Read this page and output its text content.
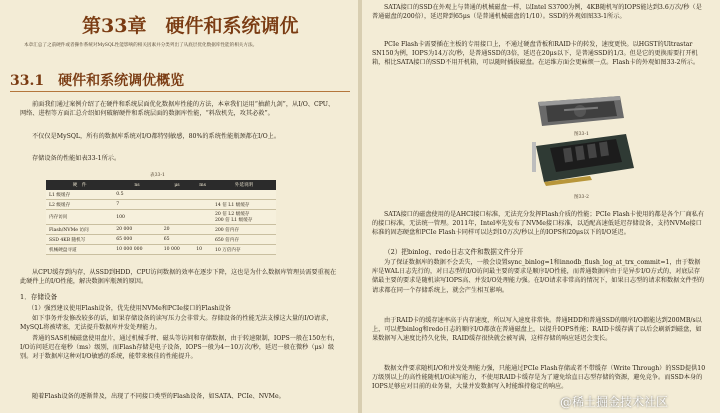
第33章　硬件和系统调优
本章汇总了之前硬件或者操作系统对MySQL性能影响的相关因素并分类列出了从底层优化数据库性能的相关方法。
33.1　硬件和系统调优概览
前面我们通过案例介绍了在硬件和系统层面优化数据库性能的方法，本章我们运用“抽薪九剑”，从I/O、CPU、网络、进程等方面汇总介绍如何破解硬件和系统层面的数据库性能，“料敌机先，攻其必救”。
不仅仅是MySQL，所有的数据库系统对I/O都特别敏感，80%的系统性能瓶颈都在I/O上。
存储设备的性能如表33-1所示。
表33-1
硬　件	ns	μs	ms	外延说明
L1 级缓存	0.5			
L2 级缓存	7			14 倍 L1 级缓存
内存访问	100			20 倍 L2 级缓存
200 倍 L1 级缓存
Flash/NVMe 访问	20 000	20		200 倍内存
SSD 4KB 随机写	65 000	65		650 倍内存
机械硬盘寻道	10 000 000	10 000	10	10 万倍内存
从CPU缓存到内存，从SSD到HDD，CPU访问数据的效率在逐步下降，这也是为什么数据库管理员需要重视在此硬件上的I/O性能，解决数据库瓶颈的原因。
1．存储设备
（1）强烈建议使用Flash设备，优先使用NVMe和PCIe接口的Flash设备
如下事务并发修改较多的话，如果存储设备的读写压力会非常大。存储设备的性能无法支撑这大量的I/O请求，MySQL将被堵塞，无法提升数据库并发处理能力。
普通的SAS机械磁盘使用盘片，通过机械手臂、磁头等访问和存储数据，由于转速限制，IOPS一般在150左右，I/O访问延迟在毫秒（ms）级别，而Flash存储是电子设备，IOPS一般为4～10万次/秒，延迟一般在微秒（μs）级别。对于数据库这种对I/O敏感的系统，能带来极佳的性能提升。
随着Flash设备的逐渐普及，出现了不同接口类型的Flash设备，如SATA、PCIe、NVMe。
SATA接口的SSD在外观上与普通的机械磁盘一样，以Intel S3700为例，4KB随机写的IOPS能达到3.6万次/秒（是普通磁盘的200倍），延迟降到65μs（是普通机械磁盘的1/10）。SSD的外观如图33-1所示。
PCIe Flash卡需要插在主板的专用接口上，不通过硬盘背板和RAID卡的转发，速度更快。以HGST的Ultrastar SN150为例，IOPS为14万次/秒，是普通SSD的3倍，延迟在20μs以下，是普通SSD的1/3。但是它的更换需要打开机箱，相比SATA接口的SSD不用开机箱，可以随时插拔磁盘。在运维方面会更麻烦一点。Flash卡的外观如图33-2所示。
图33-1
图33-2
SATA接口的磁盘使用的是AHCI接口标准，无法充分发挥Flash介质的性能；PCIe Flash卡使用的都是各个厂商私有的接口标准，无法统一管理。2011年，Intel率先发布了NVMe接口标准，以适配高速低延迟存储设备，支持NVMe接口标准的固态硬盘和PCIe Flash卡同样可以达到10万次/秒以上的IOPS和20μs以下的I/O延迟。
（2）把binlog、redo日志文件和数据文件分开
为了保证数据库的数据不会丢失，一般会设置sync_binlog=1和innodb_flush_log_at_trx_commit=1，由于数据库是WAL日志先行的，对日志型的I/O访问最主要的要求是顺序I/O性能，而普通数据库由于是异步I/O方式的，对底层存储最主要的要求是随机读写IOPS高、并发I/O处理能力强。在I/O请求非常高的情况下，如果日志型的请求和数据文件型的请求都在同一个存储系统上，就会产生相互影响。
由于RAID卡的缓存速率高于内存速度，所以写入速度非常快。普通HDD和普通SSD的顺序I/O都能达到200MB/s以上，可以把binlog和redo日志的顺序I/O都放在普通磁盘上，以提升IOPS性能；RAID卡缓存满了以后会刷新到磁盘，如果数据写入速度比持久化快，RAID缓存很快就会被写满，这样存储的响应延迟会变长。
数据文件要求随机I/O和并发处理能力强，只能通过PCIe Flash存储或者不带缓存（Write Through）的SSD提供10万级别以上的高性能随机I/O读写能力，不使用RAID卡缓存是为了避免给直日志型存储的资源，避免竞争。而SSD本身的IOPS足够应对目前的业务量，大量并发数据写入时能维持稳定的响应。
@稀土掘金技术社区
